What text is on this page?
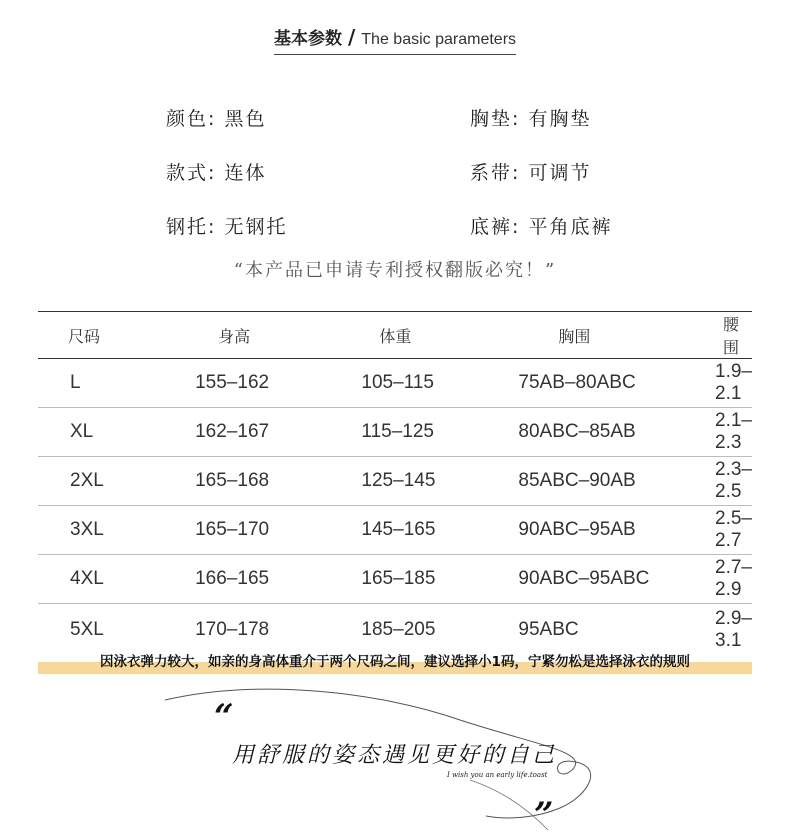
基本参数 / The basic parameters
颜色: 黑色	胸垫: 有胸垫
款式: 连体	系带: 可调节
钢托: 无钢托	底裤: 平角底裤
“本产品已申请专利授权翻版必究！”
尺码	身高	体重	胸围	腰围
L	155–162	105–115	75AB–80ABC	1.9–2.1
XL	162–167	115–125	80ABC–85AB	2.1–2.3
2XL	165–168	125–145	85ABC–90AB	2.3–2.5
3XL	165–170	145–165	90ABC–95AB	2.5–2.7
4XL	166–165	165–185	90ABC–95ABC	2.7–2.9
5XL	170–178	185–205	95ABC	2.9–3.1
因泳衣弹力较大，如亲的身高体重介于两个尺码之间，建议选择小1码，宁紧勿松是选择泳衣的规则
“
用舒服的姿态遇见更好的自己
I wish you an early life.toast
”
